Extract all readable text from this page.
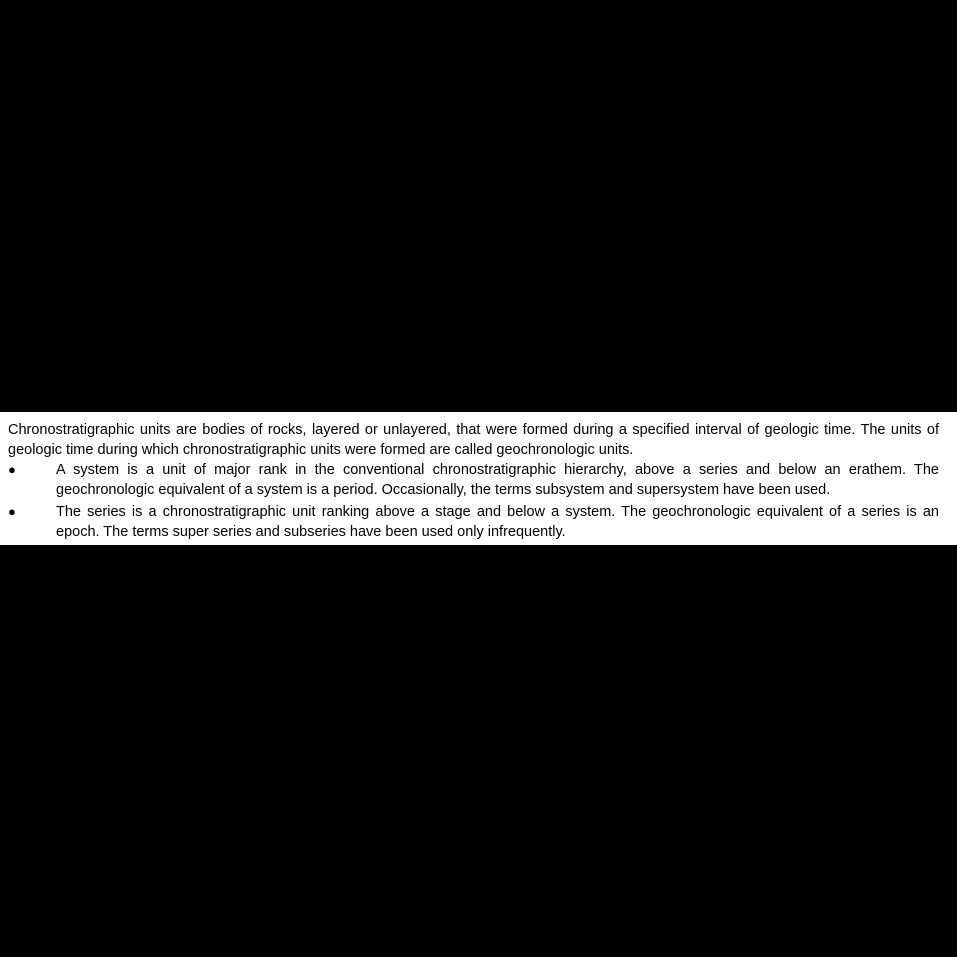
Chronostratigraphic units are bodies of rocks, layered or unlayered, that were formed during a specified interval of geologic time. The units of geologic time during which chronostratigraphic units were formed are called geochronologic units.

●	A system is a unit of major rank in the conventional chronostratigraphic hierarchy, above a series and below an erathem. The geochronologic equivalent of a system is a period. Occasionally, the terms subsystem and supersystem have been used.
●	The series is a chronostratigraphic unit ranking above a stage and below a system. The geochronologic equivalent of a series is an epoch. The terms super series and subseries have been used only infrequently.
